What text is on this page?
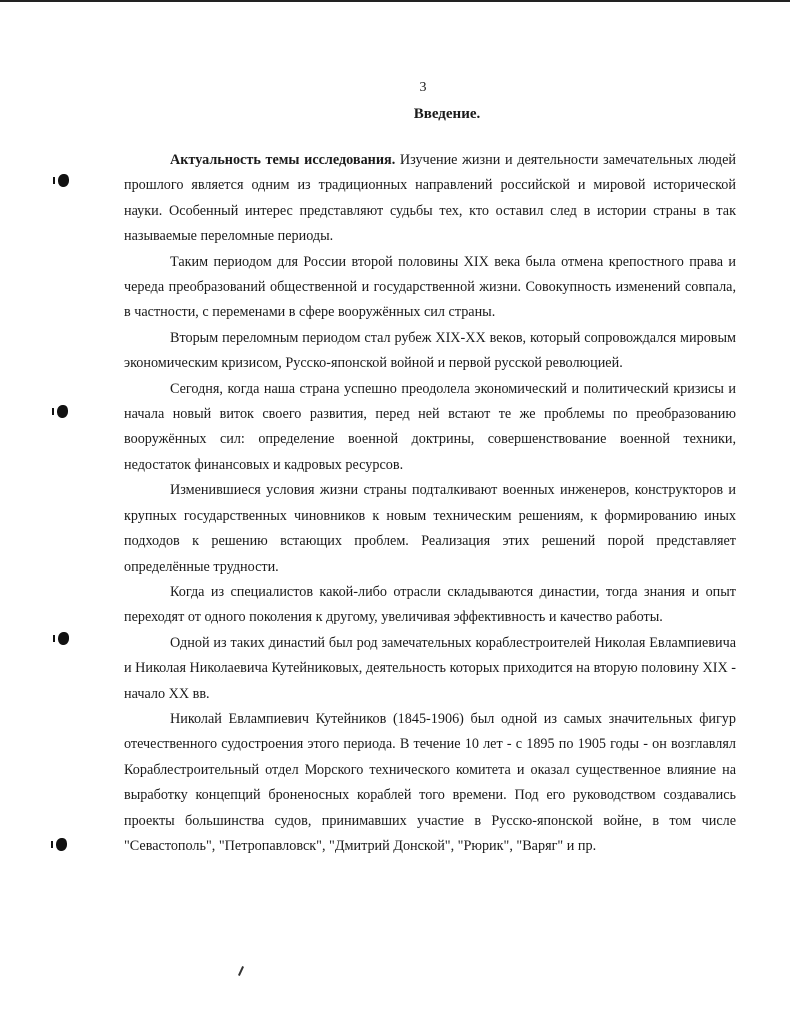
3
Введение.

Актуальность темы исследования. Изучение жизни и деятельности замечательных людей прошлого является одним из традиционных направлений российской и мировой исторической науки. Особенный интерес представляют судьбы тех, кто оставил след в истории страны в так называемые переломные периоды.

Таким периодом для России второй половины XIX века была отмена крепостного права и череда преобразований общественной и государственной жизни. Совокупность изменений совпала, в частности, с переменами в сфере вооружённых сил страны.

Вторым переломным периодом стал рубеж XIX-XX веков, который сопровождался мировым экономическим кризисом, Русско-японской войной и первой русской революцией.

Сегодня, когда наша страна успешно преодолела экономический и политический кризисы и начала новый виток своего развития, перед ней встают те же проблемы по преобразованию вооружённых сил: определение военной доктрины, совершенствование военной техники, недостаток финансовых и кадровых ресурсов.

Изменившиеся условия жизни страны подталкивают военных инженеров, конструкторов и крупных государственных чиновников к новым техническим решениям, к формированию иных подходов к решению встающих проблем. Реализация этих решений порой представляет определённые трудности.

Когда из специалистов какой-либо отрасли складываются династии, тогда знания и опыт переходят от одного поколения к другому, увеличивая эффективность и качество работы.

Одной из таких династий был род замечательных кораблестроителей Николая Евлампиевича и Николая Николаевича Кутейниковых, деятельность которых приходится на вторую половину XIX - начало XX вв.

Николай Евлампиевич Кутейников (1845-1906) был одной из самых значительных фигур отечественного судостроения этого периода. В течение 10 лет - с 1895 по 1905 годы - он возглавлял Кораблестроительный отдел Морского технического комитета и оказал существенное влияние на выработку концепций броненосных кораблей того времени. Под его руководством создавались проекты большинства судов, принимавших участие в Русско-японской войне, в том числе "Севастополь", "Петропавловск", "Дмитрий Донской", "Рюрик", "Варяг" и пр.
